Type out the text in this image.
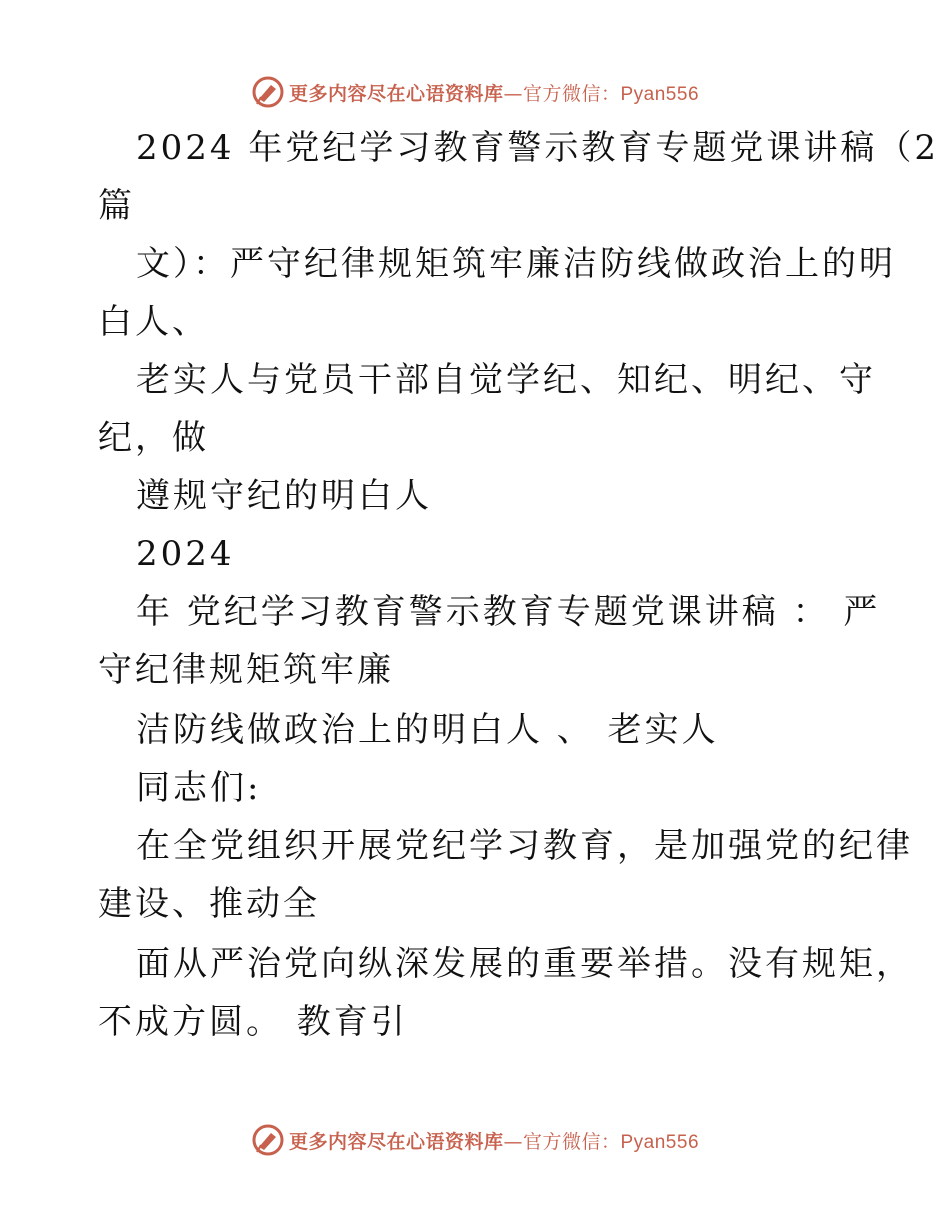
更多内容尽在心语资料库—官方微信：Pyan556
2024 年党纪学习教育警示教育专题党课讲稿（2
篇
文）：严守纪律规矩筑牢廉洁防线做政治上的明
白人、
老实人与党员干部自觉学纪、知纪、明纪、守
纪，做
遵规守纪的明白人
2024
年 党纪学习教育警示教育专题党课讲稿 ： 严
守纪律规矩筑牢廉
洁防线做政治上的明白人 、 老实人
同志们:
在全党组织开展党纪学习教育，是加强党的纪律
建设、推动全
面从严治党向纵深发展的重要举措。没有规矩，
不成方圆。 教育引
更多内容尽在心语资料库—官方微信：Pyan556
